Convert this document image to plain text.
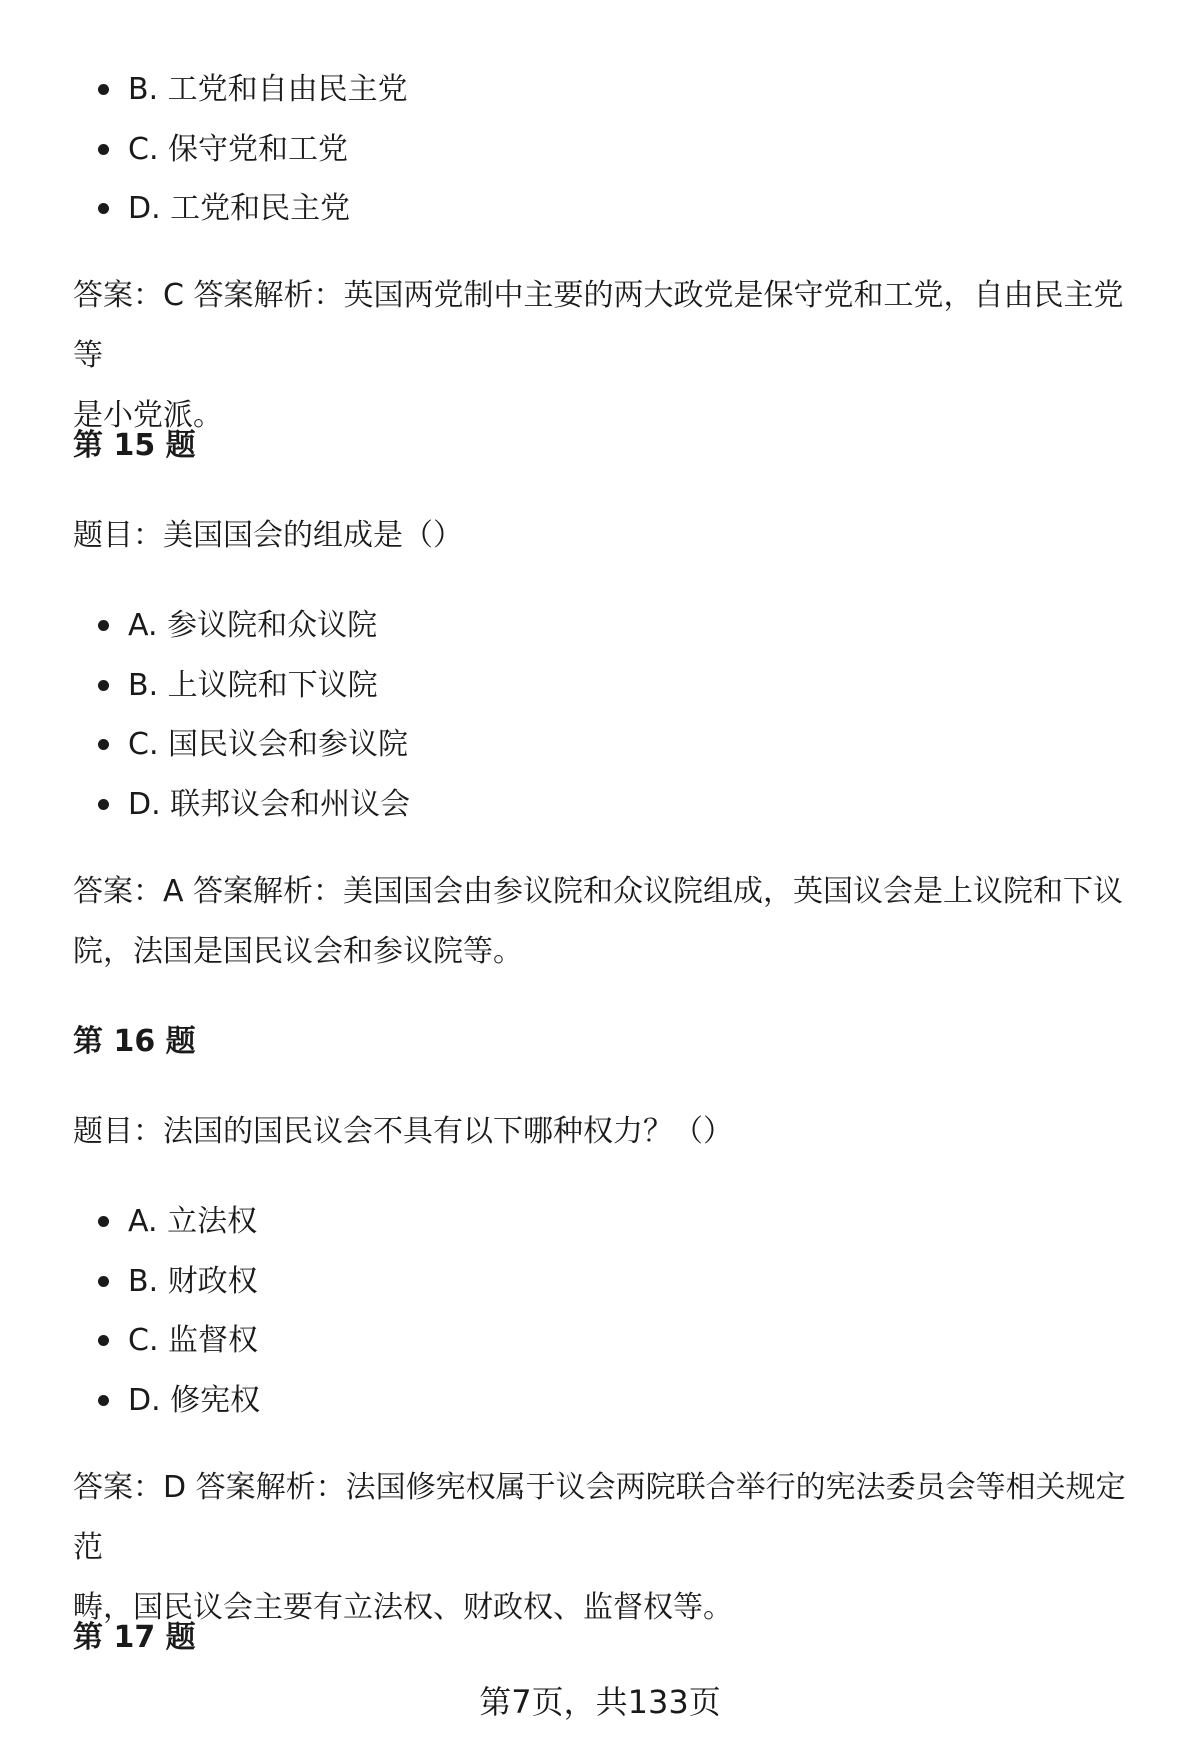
B. 工党和自由民主党
C. 保守党和工党
D. 工党和民主党
答案：C 答案解析：英国两党制中主要的两大政党是保守党和工党，自由民主党等
是小党派。
第 15 题
题目：美国国会的组成是（）
A. 参议院和众议院
B. 上议院和下议院
C. 国民议会和参议院
D. 联邦议会和州议会
答案：A 答案解析：美国国会由参议院和众议院组成，英国议会是上议院和下议
院，法国是国民议会和参议院等。
第 16 题
题目：法国的国民议会不具有以下哪种权力？（）
A. 立法权
B. 财政权
C. 监督权
D. 修宪权
答案：D 答案解析：法国修宪权属于议会两院联合举行的宪法委员会等相关规定范
畴，国民议会主要有立法权、财政权、监督权等。
第 17 题
第7页，共133页
